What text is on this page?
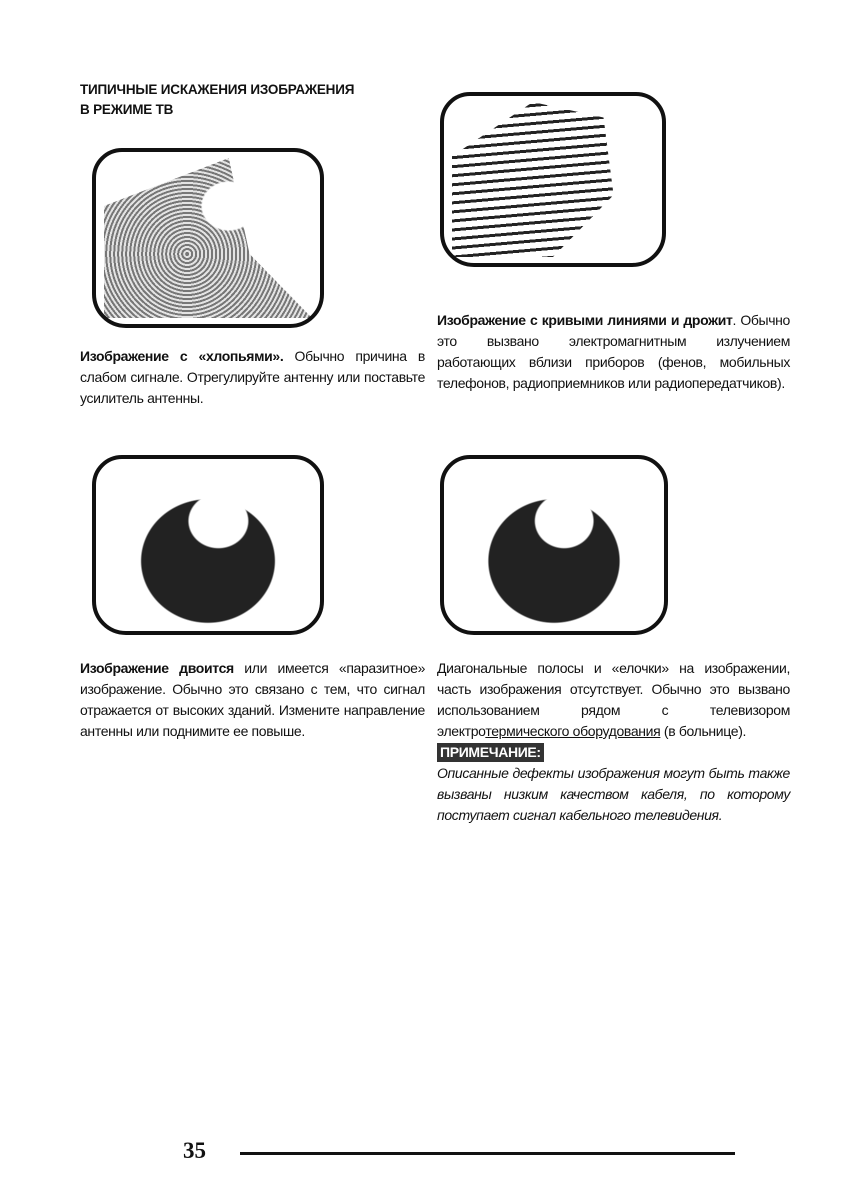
ТИПИЧНЫЕ ИСКАЖЕНИЯ ИЗОБРАЖЕНИЯ
В РЕЖИМЕ ТВ
Изображение с «хлопьями». Обычно причина в слабом сигнале. Отрегулируйте антенну или поставьте усилитель антенны.
Изображение с кривыми линиями и дрожит. Обычно это вызвано электромагнитным излучением работающих вблизи приборов (фенов, мобильных телефонов, радиоприемников или радиопередатчиков).
Изображение двоится или имеется «паразитное» изображение. Обычно это связано с тем, что сигнал отражается от высоких зданий. Измените направление антенны или поднимите ее повыше.
Диагональные полосы и «елочки» на изображении, часть изображения отсутствует. Обычно это вызвано использованием рядом с телевизором электротермического оборудования (в больнице).
ПРИМЕЧАНИЕ:
Описанные дефекты изображения могут быть также вызваны низким качеством кабеля, по которому поступает сигнал кабельного телевидения.
35
